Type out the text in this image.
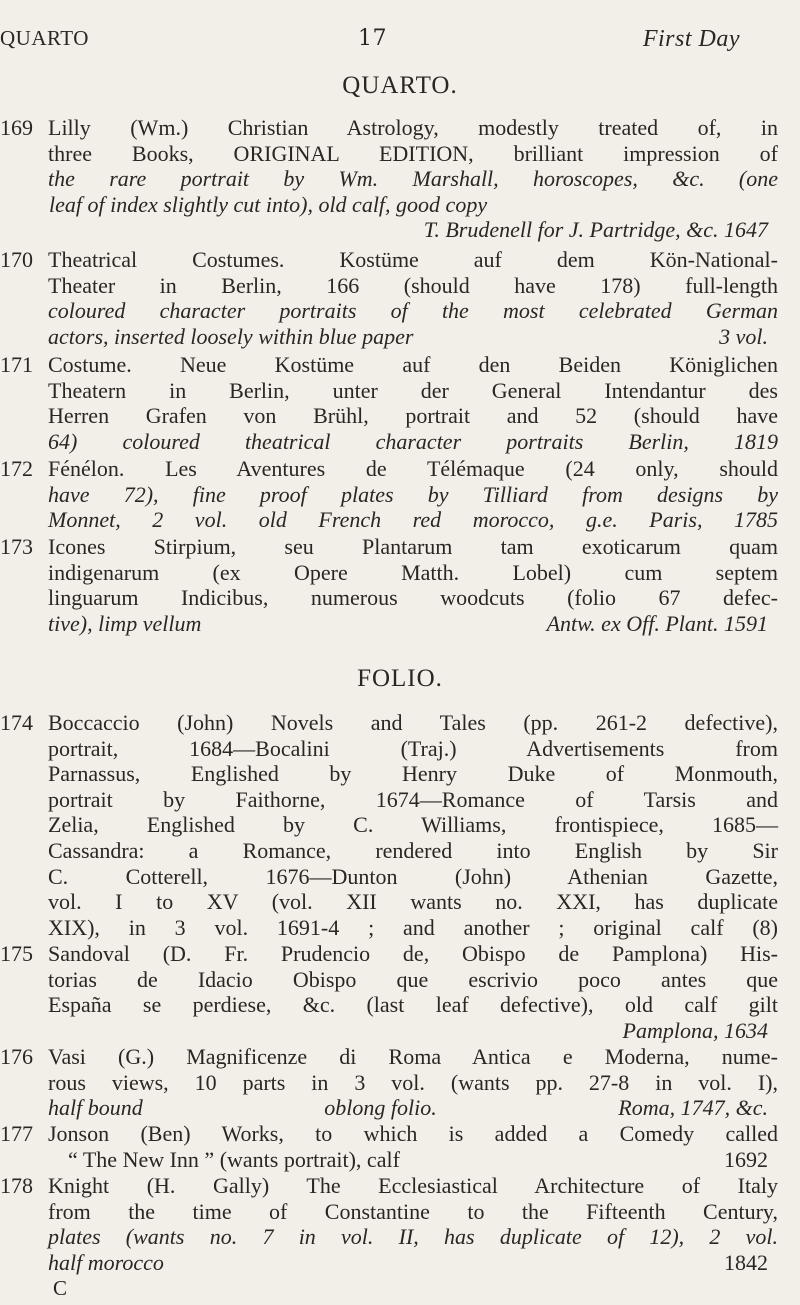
QUARTO	17	First Day
QUARTO.
169 Lilly (Wm.) Christian Astrology, modestly treated of, in
three Books, ORIGINAL EDITION, brilliant impression of
the rare portrait by Wm. Marshall, horoscopes, &c. (one
leaf of index slightly cut into), old calf, good copy
T. Brudenell for J. Partridge, &c. 1647
170 Theatrical Costumes. Kostüme auf dem Kön-National-
Theater in Berlin, 166 (should have 178) full-length
coloured character portraits of the most celebrated German
actors, inserted loosely within blue paper	3 vol.
171 Costume. Neue Kostüme auf den Beiden Königlichen
Theatern in Berlin, unter der General Intendantur des
Herren Grafen von Brühl, portrait and 52 (should have
64) coloured theatrical character portraits Berlin, 1819
172 Fénélon. Les Aventures de Télémaque (24 only, should
have 72), fine proof plates by Tilliard from designs by
Monnet, 2 vol. old French red morocco, g.e. Paris, 1785
173 Icones Stirpium, seu Plantarum tam exoticarum quam
indigenarum (ex Opere Matth. Lobel) cum septem
linguarum Indicibus, numerous woodcuts (folio 67 defec-
tive), limp vellum	Antw. ex Off. Plant. 1591
FOLIO.
174 Boccaccio (John) Novels and Tales (pp. 261-2 defective),
portrait, 1684—Bocalini (Traj.) Advertisements from
Parnassus, Englished by Henry Duke of Monmouth,
portrait by Faithorne, 1674—Romance of Tarsis and
Zelia, Englished by C. Williams, frontispiece, 1685—
Cassandra: a Romance, rendered into English by Sir
C. Cotterell, 1676—Dunton (John) Athenian Gazette,
vol. I to XV (vol. XII wants no. XXI, has duplicate
XIX), in 3 vol. 1691-4 ; and another ; original calf (8)
175 Sandoval (D. Fr. Prudencio de, Obispo de Pamplona) His-
torias de Idacio Obispo que escrivio poco antes que
España se perdiese, &c. (last leaf defective), old calf gilt
Pamplona, 1634
176 Vasi (G.) Magnificenze di Roma Antica e Moderna, nume-
rous views, 10 parts in 3 vol. (wants pp. 27-8 in vol. I),
half bound	oblong folio.	Roma, 1747, &c.
177 Jonson (Ben) Works, to which is added a Comedy called
“ The New Inn ” (wants portrait), calf	1692
178 Knight (H. Gally) The Ecclesiastical Architecture of Italy
from the time of Constantine to the Fifteenth Century,
plates (wants no. 7 in vol. II, has duplicate of 12), 2 vol.
half morocco	1842
C
